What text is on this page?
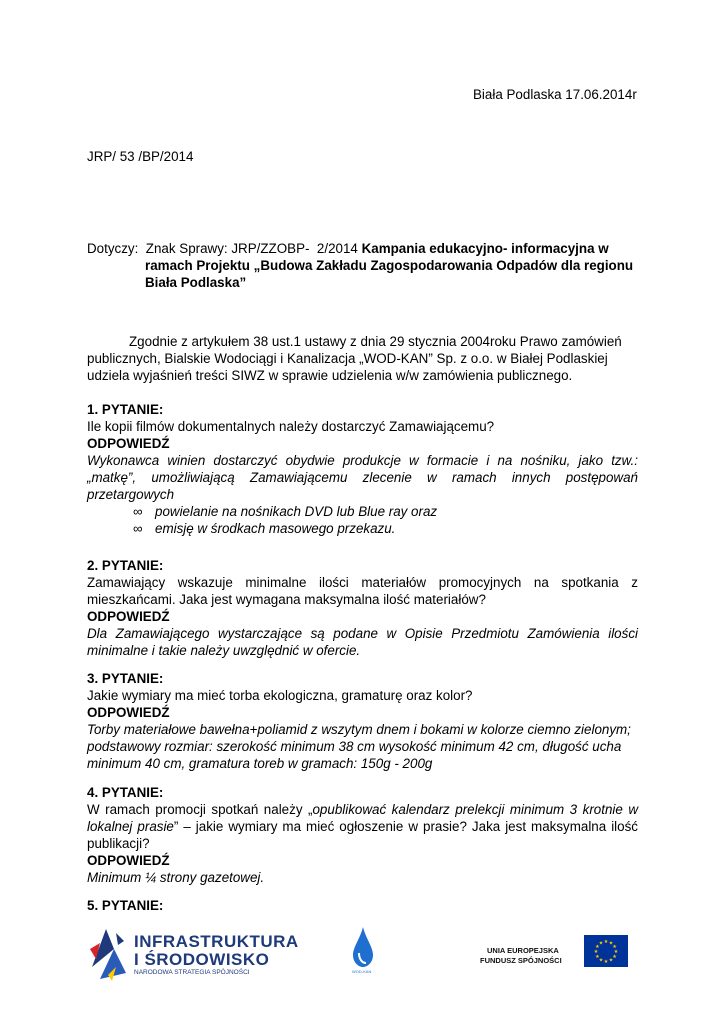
Biała Podlaska 17.06.2014r
JRP/ 53 /BP/2014
Dotyczy:  Znak Sprawy: JRP/ZZOBP-  2/2014 Kampania edukacyjno- informacyjna w
ramach Projektu „Budowa Zakładu Zagospodarowania Odpadów dla regionu
Biała Podlaska”
Zgodnie z artykułem 38 ust.1 ustawy z dnia 29 stycznia 2004roku Prawo zamówień
publicznych, Bialskie Wodociągi i Kanalizacja „WOD-KAN” Sp. z o.o. w Białej Podlaskiej
udziela wyjaśnień treści SIWZ w sprawie udzielenia w/w zamówienia publicznego.
1. PYTANIE:
Ile kopii filmów dokumentalnych należy dostarczyć Zamawiającemu?
ODPOWIEDŹ
Wykonawca winien dostarczyć obydwie produkcje w formacie i na nośniku, jako tzw.:
„matkę”, umożliwiającą Zamawiającemu zlecenie w ramach innych postępowań
przetargowych
∞ powielanie na nośnikach DVD lub Blue ray oraz
∞ emisję w środkach masowego przekazu.
2. PYTANIE:
Zamawiający wskazuje minimalne ilości materiałów promocyjnych na spotkania z
mieszkańcami. Jaka jest wymagana maksymalna ilość materiałów?
ODPOWIEDŹ
Dla Zamawiającego wystarczające są podane w Opisie Przedmiotu Zamówienia ilości
minimalne i takie należy uwzględnić w ofercie.
3. PYTANIE:
Jakie wymiary ma mieć torba ekologiczna, gramaturę oraz kolor?
ODPOWIEDŹ
Torby materiałowe bawełna+poliamid z wszytym dnem i bokami w kolorze ciemno zielonym;
podstawowy rozmiar: szerokość minimum 38 cm wysokość minimum 42 cm, długość ucha
minimum 40 cm, gramatura toreb w gramach: 150g - 200g
4. PYTANIE:
W ramach promocji spotkań należy „opublikować kalendarz prelekcji minimum 3 krotnie w
lokalnej prasie” – jakie wymiary ma mieć ogłoszenie w prasie? Jaka jest maksymalna ilość
publikacji?
ODPOWIEDŹ
Minimum ¼ strony gazetowej.
5. PYTANIE:
INFRASTRUKTURA
I ŚRODOWISKO
NARODOWA STRATEGIA SPÓJNOŚCI	WOD-KAN
UNIA EUROPEJSKA
FUNDUSZ SPÓJNOŚCI
★
★
★
★
★
★
★
★
★ ★ ★
★
